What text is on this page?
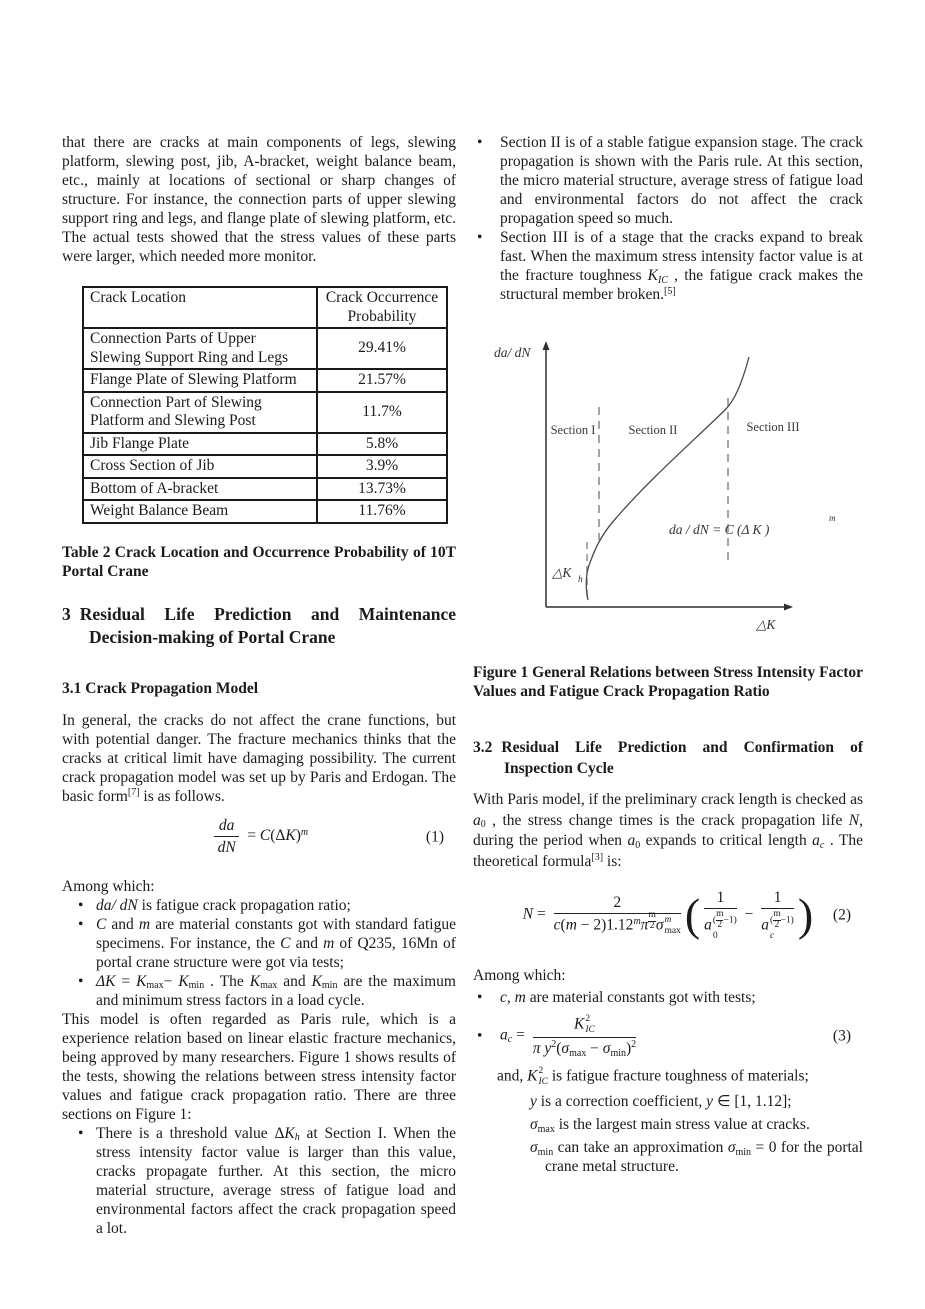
that there are cracks at main components of legs, slewing platform, slewing post, jib, A-bracket, weight balance beam, etc., mainly at locations of sectional or sharp changes of structure. For instance, the connection parts of upper slewing support ring and legs, and flange plate of slewing platform, etc. The actual tests showed that the stress values of these parts were larger, which needed more monitor.

Crack Location	Crack Occurrence Probability
Connection Parts of Upper Slewing Support Ring and Legs	29.41%
Flange Plate of Slewing Platform	21.57%
Connection Part of Slewing Platform and Slewing Post	11.7%
Jib Flange Plate	5.8%
Cross Section of Jib	3.9%
Bottom of A-bracket	13.73%
Weight Balance Beam	11.76%

Table 2 Crack Location and Occurrence Probability of 10T Portal Crane

3 Residual Life Prediction and Maintenance Decision-making of Portal Crane

3.1 Crack Propagation Model

In general, the cracks do not affect the crane functions, but with potential danger. The fracture mechanics thinks that the cracks at critical limit have damaging possibility. The current crack propagation model was set up by Paris and Erdogan. The basic form[7] is as follows.

$\frac{da}{dN} = C(\Delta K)^m$	(1)

Among which:

• da/ dN is fatigue crack propagation ratio;
• C and m are material constants got with standard fatigue specimens. For instance, the C and m of Q235, 16Mn of portal crane structure were got via tests;
• $\Delta K = K_{max}- K_{min}$ . The $K_{max}$ and $K_{min}$ are the maximum and minimum stress factors in a load cycle.

This model is often regarded as Paris rule, which is a experience relation based on linear elastic fracture mechanics, being approved by many researchers. Figure 1 shows results of the tests, showing the relations between stress intensity factor values and fatigue crack propagation ratio. There are three sections on Figure 1:

• There is a threshold value $\Delta K_h$ at Section I. When the stress intensity factor value is larger than this value, cracks propagate further. At this section, the micro material structure, average stress of fatigue load and environmental factors affect the crack propagation speed a lot.
• Section II is of a stable fatigue expansion stage. The crack propagation is shown with the Paris rule. At this section, the micro material structure, average stress of fatigue load and environmental factors do not affect the crack propagation speed so much.
• Section III is of a stage that the cracks expand to break fast. When the maximum stress intensity factor value is at the fracture toughness $K_{IC}$ , the fatigue crack makes the structural member broken.[5]
da/ dN
Section I	Section II	Section III
da / dN = C (Δ K )
m
△K h
△K

Figure 1 General Relations between Stress Intensity Factor Values and Fatigue Crack Propagation Ratio

3.2 Residual Life Prediction and Confirmation of Inspection Cycle

With Paris model, if the preliminary crack length is checked as $a_0$ , the stress change times is the crack propagation life N, during the period when $a_0$ expands to critical length $a_c$ . The theoretical formula[3] is:

N = 2
$c(m - 2)1.12^m\pi$ $^{\frac{m}{2}}$ σ m
max ( 1
a ( $\frac{m}{2} -1$)
0 − 1
a ( $\frac{m}{2} -1$)
c ) (2)

Among which:

• c, m are material constants got with tests;
• $a_c = K$ 2
IC
π $y^2(\sigma_{max} - \sigma_{min})^2$	(3)

and, K 2
IC is fatigue fracture toughness of materials;

y is a correction coefficient, y ∈ [1, 1.12];

$\sigma_{max}$ is the largest main stress value at cracks.

$\sigma_{min}$ can take an approximation $\sigma_{min} = 0$ for the portal crane metal structure.
